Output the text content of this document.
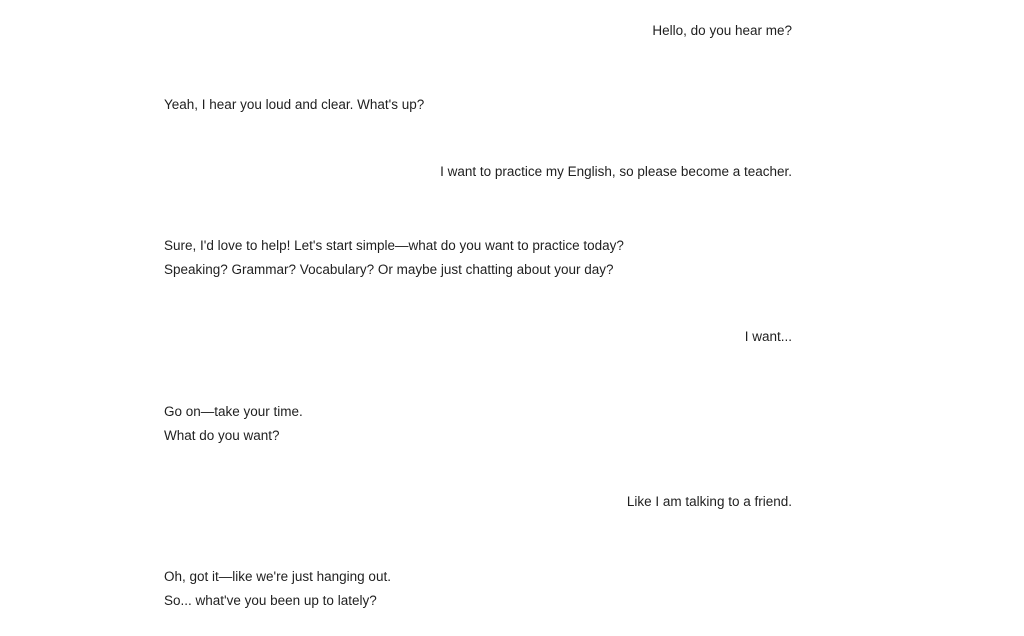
Hello, do you hear me?
Yeah, I hear you loud and clear. What's up?
I want to practice my English, so please become a teacher.
Sure, I'd love to help! Let's start simple—what do you want to practice today?
Speaking? Grammar? Vocabulary? Or maybe just chatting about your day?
I want...
Go on—take your time.
What do you want?
Like I am talking to a friend.
Oh, got it—like we're just hanging out.
So... what've you been up to lately?
